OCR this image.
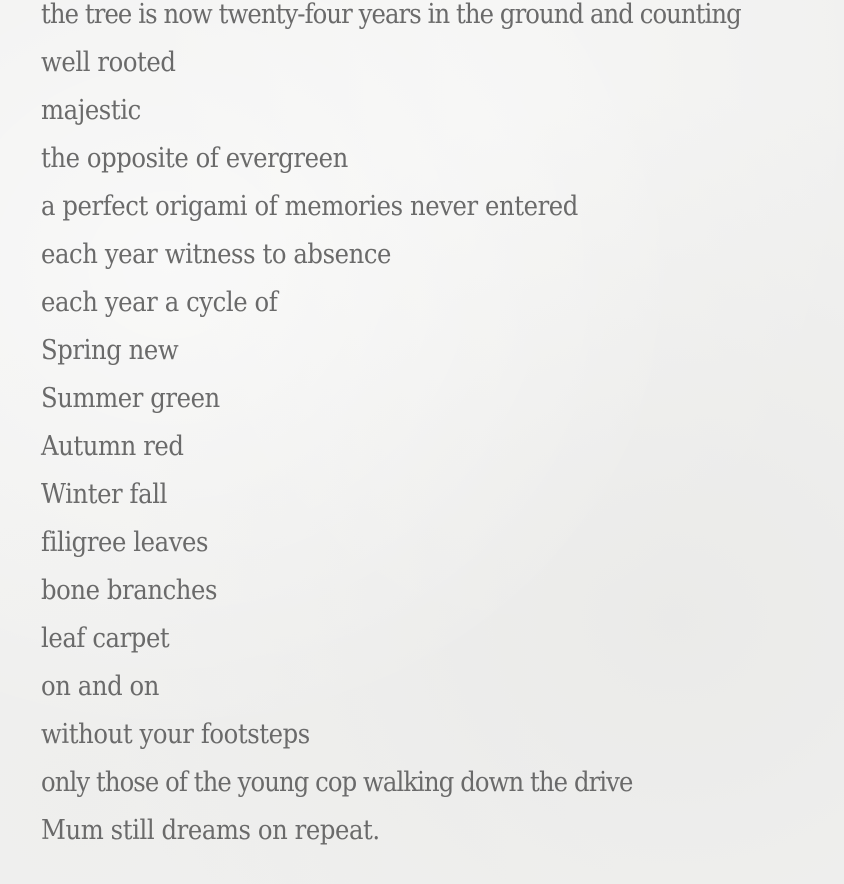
the tree is now twenty-four years in the ground and counting
well rooted
majestic
the opposite of evergreen
a perfect origami of memories never entered
each year witness to absence
each year a cycle of
Spring new
Summer green
Autumn red
Winter fall
filigree leaves
bone branches
leaf carpet
on and on
without your footsteps
only those of the young cop walking down the drive
Mum still dreams on repeat.
